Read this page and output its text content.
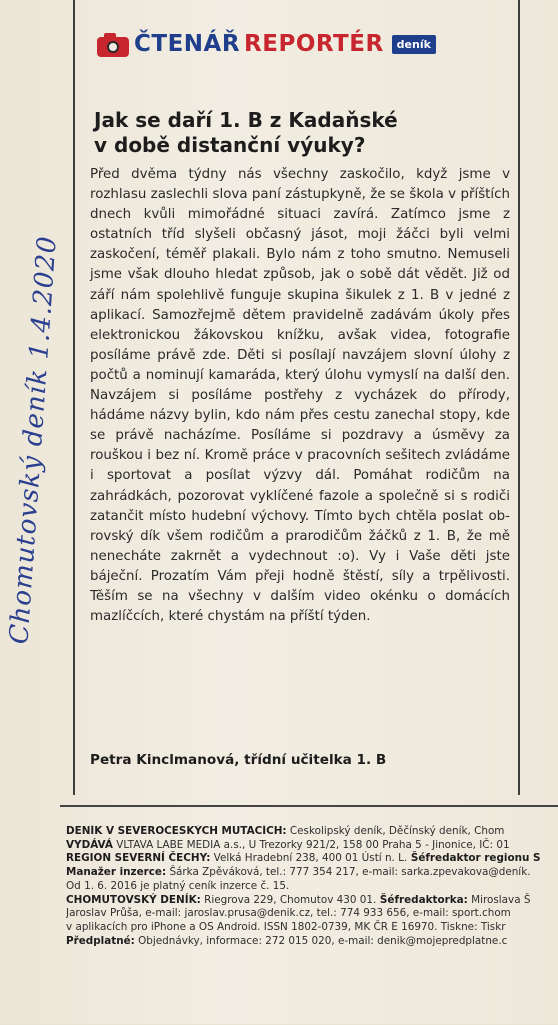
ČTENÁŘ REPORTÉR	deník
Jak se daří 1. B z Kadaňské
v době distanční výuky?
Před dvěma týdny nás všechny zaskočilo, když jsme v rozhlasu zaslechli slova paní zástupkyně, že se škola v příštích dnech kvůli mimořádné situaci zavírá. Zatímco jsme z ostatních tříd slyšeli občasný jásot, moji žáčci byli velmi zaskočení, téměř plakali. Bylo nám z toho smutno. Nemuseli jsme však dlouho hledat způsob, jak o sobě dát vědět. Již od září nám spolehlivě funguje skupina šikulek z 1. B v jedné z aplikací. Samozřejmě dětem pravidelně zadávám úkoly přes elektronickou žákovskou knížku, avšak videa, fotografie posíláme právě zde. Děti si posílají navzájem slovní úlohy z počtů a nominují kamaráda, který úlohu vymyslí na další den. Navzájem si posíláme postřehy z vycházek do přírody, hádáme názvy bylin, kdo nám přes cestu zanechal stopy, kde se právě nacházíme. Posíláme si pozdravy a úsměvy za rouškou i bez ní. Kromě práce v pracovních sešitech zvládáme i sportovat a posílat výzvy dál. Pomáhat rodičům na zahrádkách, pozorovat vyklíčené fazole a společně si s rodiči zatančit místo hudební výchovy. Tímto bych chtěla poslat obrovský dík všem rodičům a prarodičům žáčků z 1. B, že mě nenecháte zakrnět a vydechnout :o). Vy i Vaše děti jste báječní. Prozatím Vám přeji hodně štěstí, síly a trpělivosti. Těším se na všechny v dalším video okénku o domácích mazlíčcích, které chystám na příští týden.
Petra Kinclmanová, třídní učitelka 1. B
Chomutovský deník 1.4.2020
DENÍK V SEVEROČESKÝCH MUTACÍCH: Českolipský deník, Děčínský deník, Chom
VYDÁVÁ VLTAVA LABE MEDIA a.s., U Trezorky 921/2, 158 00 Praha 5 - Jinonice, IČ: 01
REGION SEVERNÍ ČECHY: Velká Hradební 238, 400 01 Ústí n. L. Šéfredaktor regionu S
Manažer inzerce: Šárka Zpěváková, tel.: 777 354 217, e-mail: sarka.zpevakova@deník.
Od 1. 6. 2016 je platný ceník inzerce č. 15.
CHOMUTOVSKÝ DENÍK: Riegrova 229, Chomutov 430 01. Šéfredaktorka: Miroslava Š
Jaroslav Průša, e-mail: jaroslav.prusa@denik.cz, tel.: 774 933 656, e-mail: sport.chom
v aplikacích pro iPhone a OS Android. ISSN 1802-0739, MK ČR E 16970. Tiskne: Tiskr
Předplatné: Objednávky, informace: 272 015 020, e-mail: denik@mojepredplatne.c
